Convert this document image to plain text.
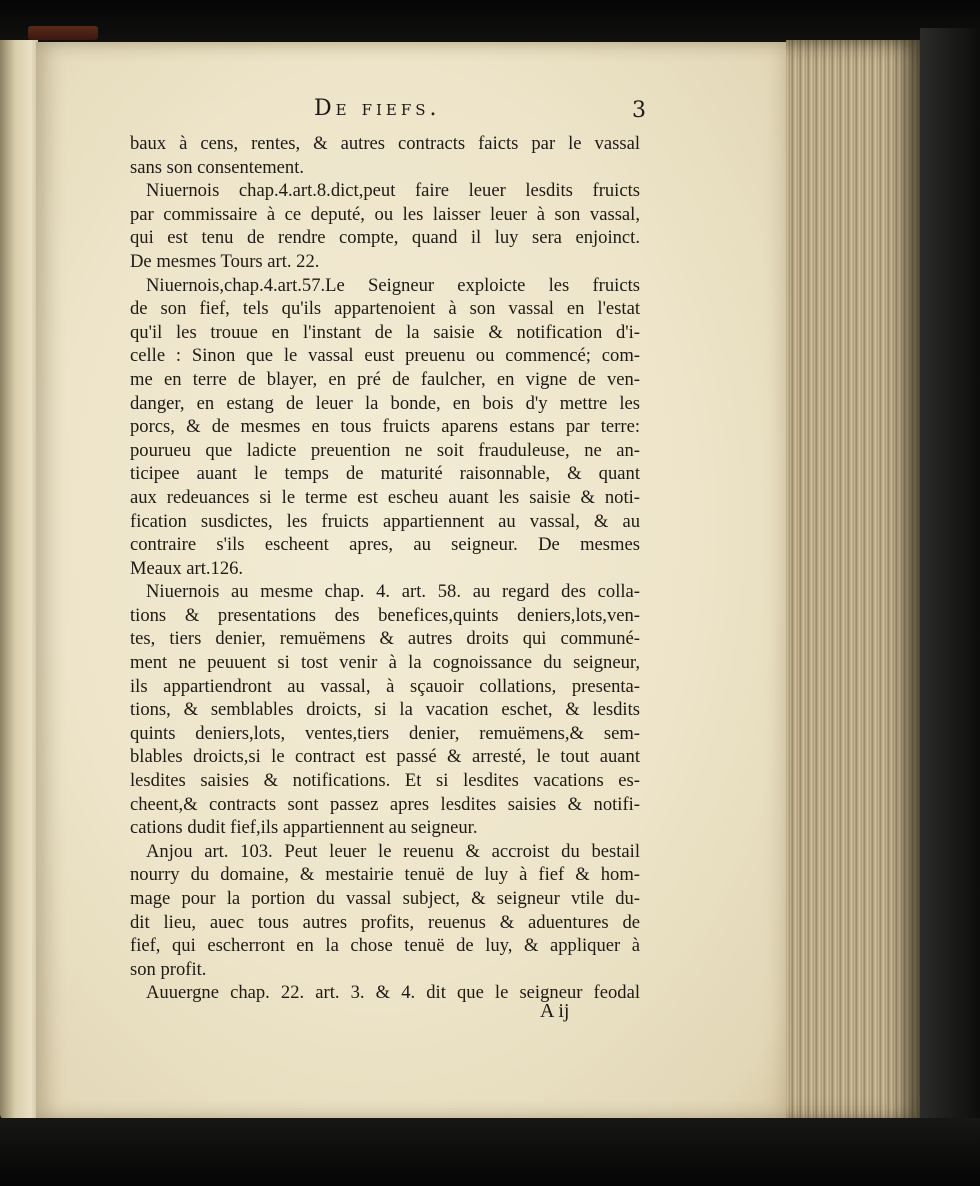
De fiefs.	3
baux à cens, rentes, & autres contracts faicts par le vassal
sans son consentement.
Niuernois chap.4.art.8.dict,peut faire leuer lesdits fruicts
par commissaire à ce deputé, ou les laisser leuer à son vassal,
qui est tenu de rendre compte, quand il luy sera enjoinct.
De mesmes Tours art. 22.
Niuernois,chap.4.art.57.Le Seigneur exploicte les fruicts
de son fief, tels qu'ils appartenoient à son vassal en l'estat
qu'il les trouue en l'instant de la saisie & notification d'i-
celle : Sinon que le vassal eust preuenu ou commencé; com-
me en terre de blayer, en pré de faulcher, en vigne de ven-
danger, en estang de leuer la bonde, en bois d'y mettre les
porcs, & de mesmes en tous fruicts aparens estans par terre:
pourueu que ladicte preuention ne soit frauduleuse, ne an-
ticipee auant le temps de maturité raisonnable, & quant
aux redeuances si le terme est escheu auant les saisie & noti-
fication susdictes, les fruicts appartiennent au vassal, & au
contraire s'ils escheent apres, au seigneur. De mesmes
Meaux art.126.
Niuernois au mesme chap. 4. art. 58. au regard des colla-
tions & presentations des benefices,quints deniers,lots,ven-
tes, tiers denier, remuëmens & autres droits qui communé-
ment ne peuuent si tost venir à la cognoissance du seigneur,
ils appartiendront au vassal, à sçauoir collations, presenta-
tions, & semblables droicts, si la vacation eschet, & lesdits
quints deniers,lots, ventes,tiers denier, remuëmens,& sem-
blables droicts,si le contract est passé & arresté, le tout auant
lesdites saisies & notifications. Et si lesdites vacations es-
cheent,& contracts sont passez apres lesdites saisies & notifi-
cations dudit fief,ils appartiennent au seigneur.
Anjou art. 103. Peut leuer le reuenu & accroist du bestail
nourry du domaine, & mestairie tenuë de luy à fief & hom-
mage pour la portion du vassal subject, & seigneur vtile du-
dit lieu, auec tous autres profits, reuenus & aduentures de
fief, qui escherront en la chose tenuë de luy, & appliquer à
son profit.
Auuergne chap. 22. art. 3. & 4. dit que le seigneur feodal
A ij
